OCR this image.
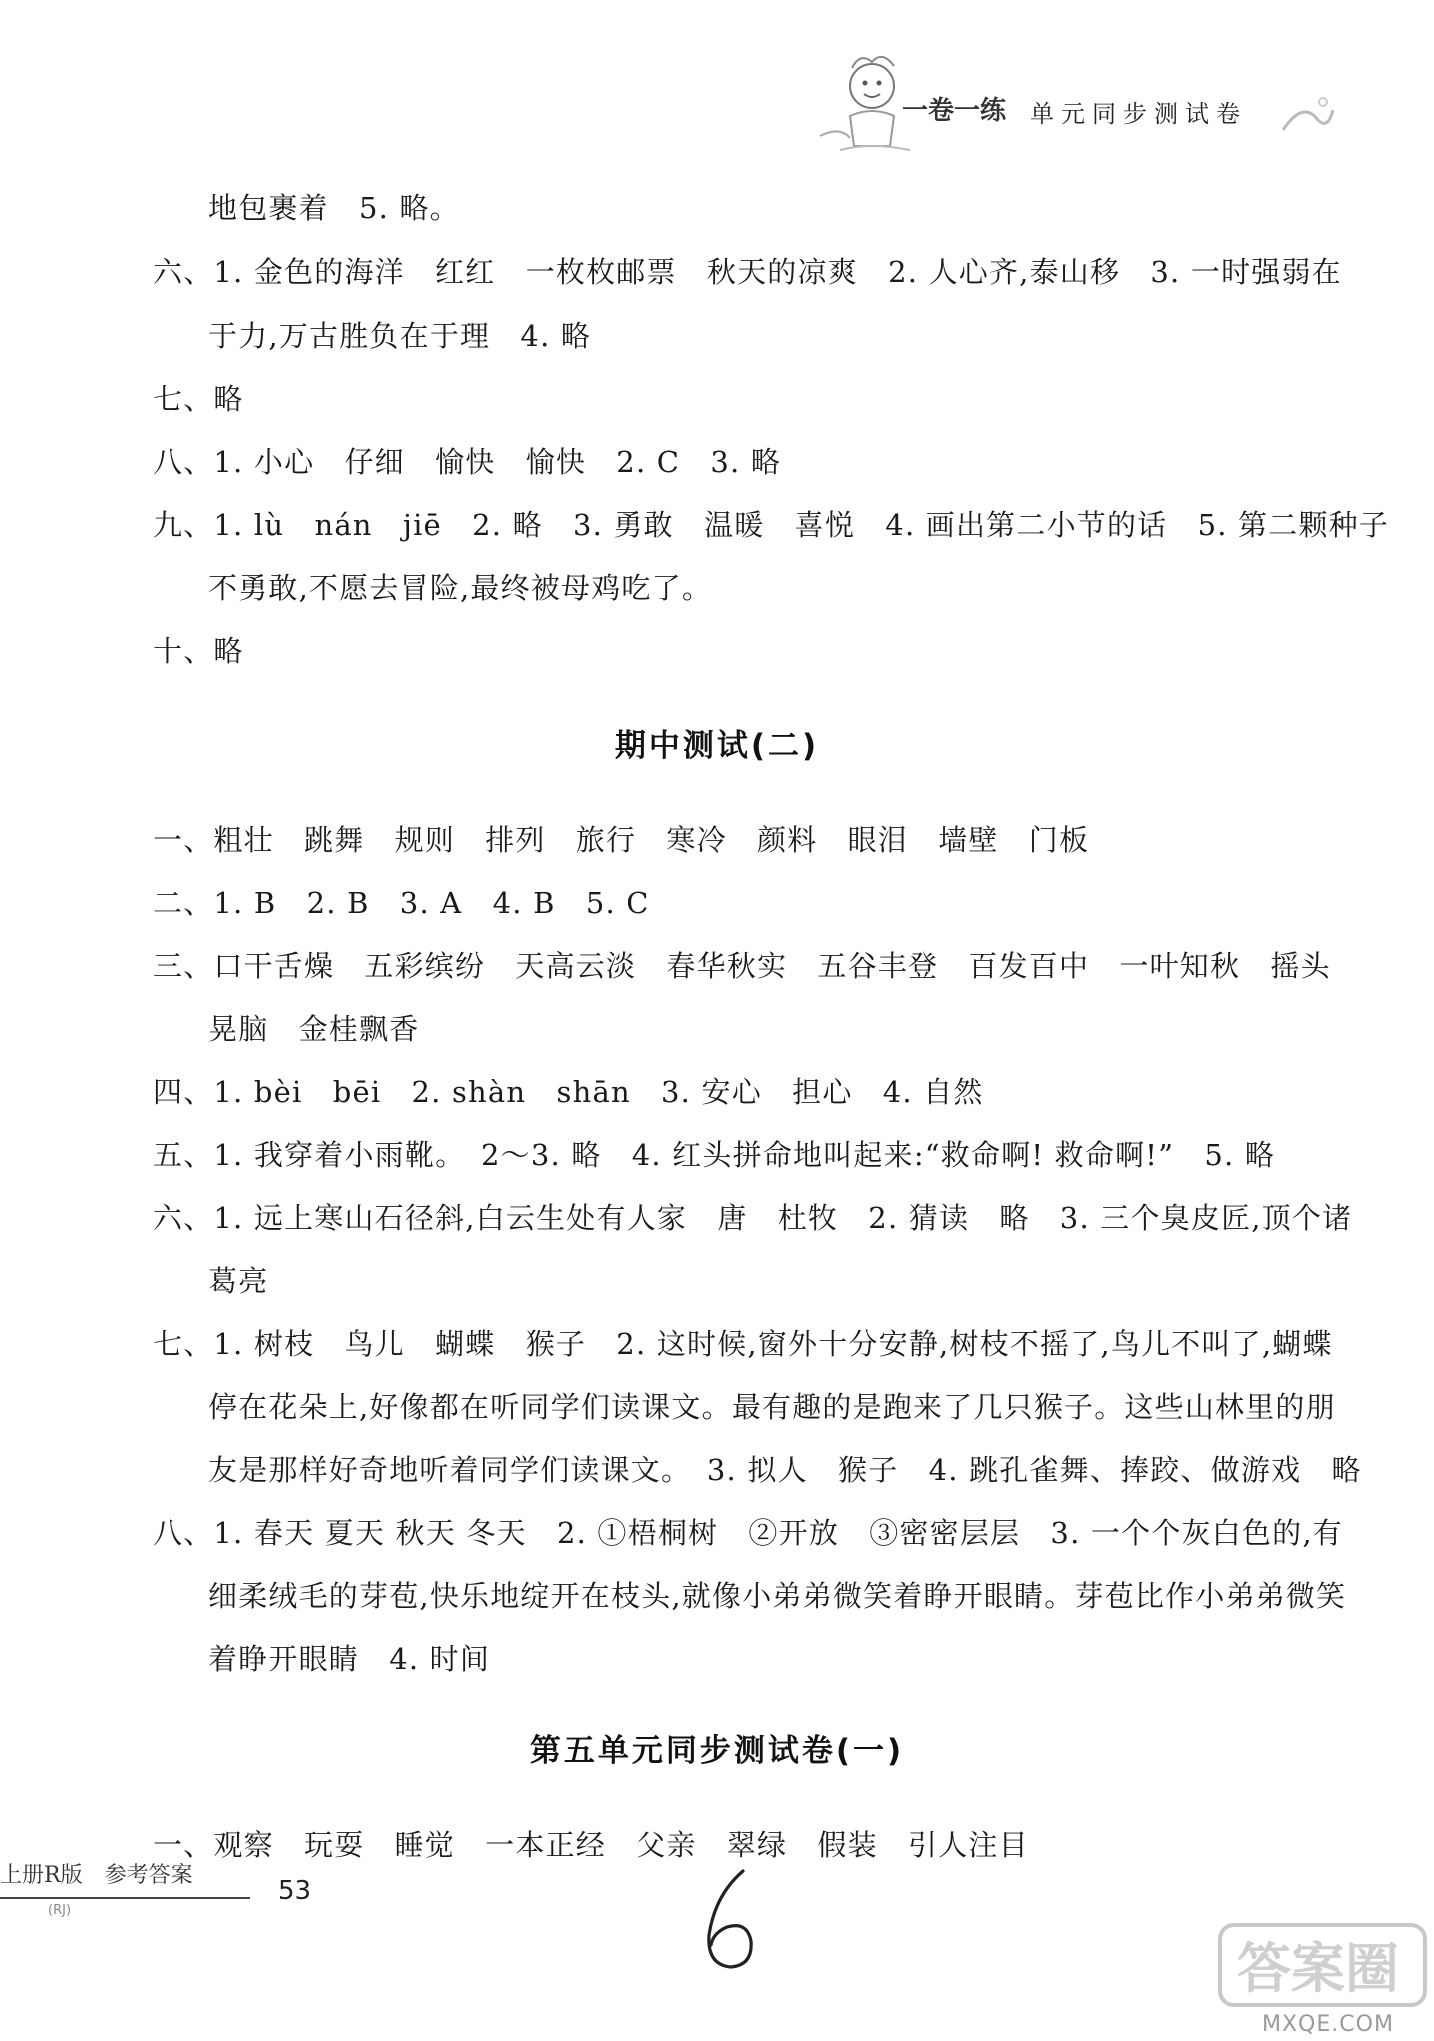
一卷一练 单元同步测试卷
地包裹着　5. 略。
六、1. 金色的海洋　红红　一枚枚邮票　秋天的凉爽　2. 人心齐,泰山移　3. 一时强弱在
于力,万古胜负在于理　4. 略
七、略
八、1. 小心　仔细　愉快　愉快　2. C　3. 略
九、1. lù　nán　jiē　2. 略　3. 勇敢　温暖　喜悦　4. 画出第二小节的话　5. 第二颗种子
不勇敢,不愿去冒险,最终被母鸡吃了。
十、略
期中测试(二)
一、粗壮　跳舞　规则　排列　旅行　寒冷　颜料　眼泪　墙壁　门板
二、1. B　2. B　3. A　4. B　5. C
三、口干舌燥　五彩缤纷　天高云淡　春华秋实　五谷丰登　百发百中　一叶知秋　摇头
晃脑　金桂飘香
四、1. bèi　bēi　2. shàn　shān　3. 安心　担心　4. 自然
五、1. 我穿着小雨靴。　2～3. 略　4. 红头拼命地叫起来:“救命啊! 救命啊!”　5. 略
六、1. 远上寒山石径斜,白云生处有人家　唐　杜牧　2. 猜读　略　3. 三个臭皮匠,顶个诸
葛亮
七、1. 树枝　鸟儿　蝴蝶　猴子　2. 这时候,窗外十分安静,树枝不摇了,鸟儿不叫了,蝴蝶
停在花朵上,好像都在听同学们读课文。最有趣的是跑来了几只猴子。这些山林里的朋
友是那样好奇地听着同学们读课文。　3. 拟人　猴子　4. 跳孔雀舞、捧跤、做游戏　略
八、1. 春天 夏天 秋天 冬天　2. ①梧桐树　②开放　③密密层层　3. 一个个灰白色的,有
细柔绒毛的芽苞,快乐地绽开在枝头,就像小弟弟微笑着睁开眼睛。芽苞比作小弟弟微笑
着睁开眼睛　4. 时间
第五单元同步测试卷(一)
一、观察　玩耍　睡觉　一本正经　父亲　翠绿　假装　引人注目
上册R版　参考答案
(RJ)
53
答案圈
MXQE.COM
